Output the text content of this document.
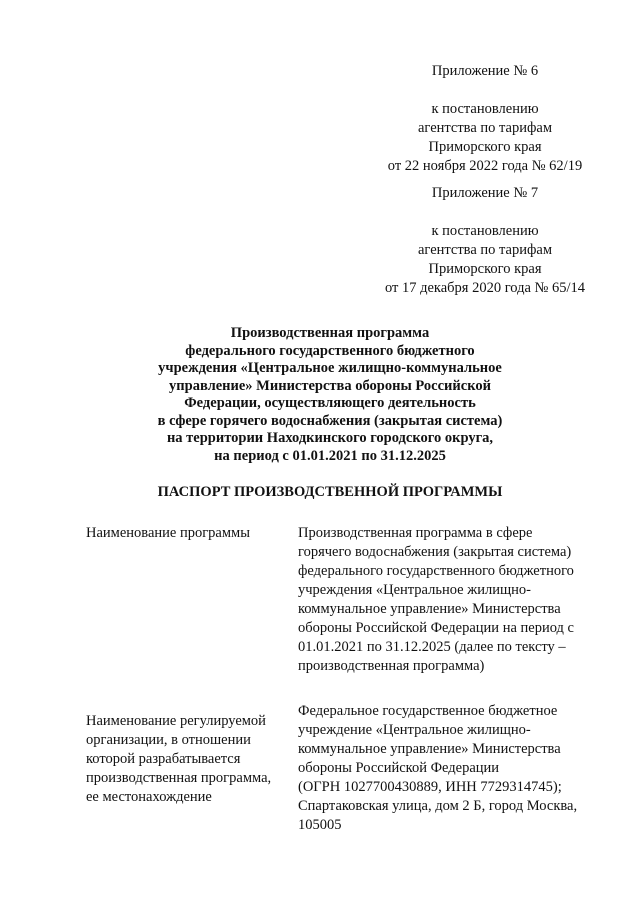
Приложение № 6
к постановлению
агентства по тарифам
Приморского края
от 22 ноября 2022 года № 62/19
Приложение № 7
к постановлению
агентства по тарифам
Приморского края
от 17 декабря 2020 года № 65/14
Производственная программа
федерального государственного бюджетного
учреждения «Центральное жилищно-коммунальное
управление» Министерства обороны Российской
Федерации, осуществляющего деятельность
в сфере горячего водоснабжения (закрытая система)
на территории Находкинского городского округа,
на период с 01.01.2021 по 31.12.2025
ПАСПОРТ ПРОИЗВОДСТВЕННОЙ ПРОГРАММЫ
Наименование программы	Производственная программа в сфере
горячего водоснабжения (закрытая система)
федерального государственного бюджетного
учреждения «Центральное жилищно-
коммунальное управление» Министерства
обороны Российской Федерации на период с
01.01.2021 по 31.12.2025 (далее по тексту –
производственная программа)
Наименование регулируемой
организации, в отношении
которой разрабатывается
производственная программа,
ее местонахождение
Федеральное государственное бюджетное
учреждение «Центральное жилищно-
коммунальное управление» Министерства
обороны Российской Федерации
(ОГРН 1027700430889, ИНН 7729314745);
Спартаковская улица, дом 2 Б, город Москва,
105005
